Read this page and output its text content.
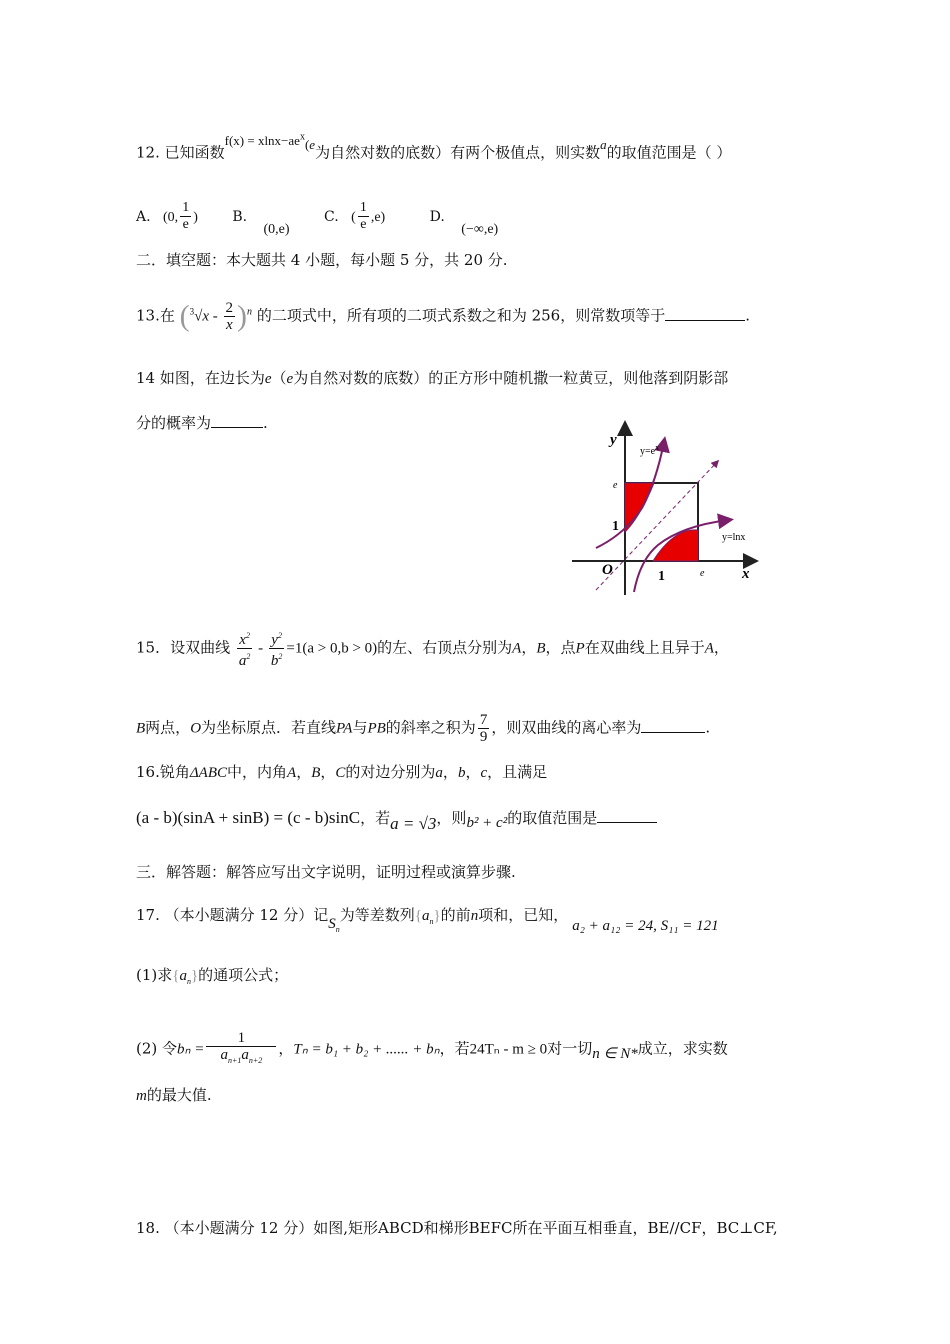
12. 已知函数$f(x) = xlnx-ae^x(e$为自然对数的底数）有两个极值点，则实数a的取值范围是（ ）
A. (0, $\frac{1}{e}$ ) B. (0,e) C. ( $\frac{1}{e} ,e$)	D. (−∞,e)
二．填空题：本大题共 4 小题，每小题 5 分，共 20 分.
13.在 $(^3√x - \frac{2}{x} )^n$ 的二项式中，所有项的二项式系数之和为 256，则常数项等于	.
14 如图，在边长为e（e为自然对数的底数）的正方形中随机撒一粒黄豆，则他落到阴影部
分的概率为	.
y
x
O
e
1
1	e
$y=e^x$
y=lnx
15．设双曲线 $\frac{x^2}{a^2} - \frac{y^2}{b^2} =1(a > 0,b > 0)$的左、右顶点分别为A，B，点P在双曲线上且异于A，
B两点，O为坐标原点．若直线PA与PB的斜率之积为 $\frac{7}{9}$ ，则双曲线的离心率为	.
16.锐角ΔABC中，内角A，B，C的对边分别为a，b，c，且满足
(a - b)(sinA + sinB) = (c - b)sinC，若a = √3，则b² + c²的取值范围是
三．解答题：解答应写出文字说明，证明过程或演算步骤.
17. （本小题满分 12 分）记$S_n$为等差数列$\{a_n\}$的前n项和，已知，a₂ + a₁₂ = 24, S₁₁ = 121
(1)求$\{a_n\}$的通项公式；
(2) 令$b_n = \frac{1}{a_{n+1}a_{n+2}}$ ，Tₙ = b₁ + b₂ + ...... + bₙ，若24Tₙ - m ≥ 0对一切n ∈ N*成立，求实数
m的最大值.
18. （本小题满分 12 分）如图,矩形ABCD和梯形BEFC所在平面互相垂直，BE//CF，BC⊥CF,
